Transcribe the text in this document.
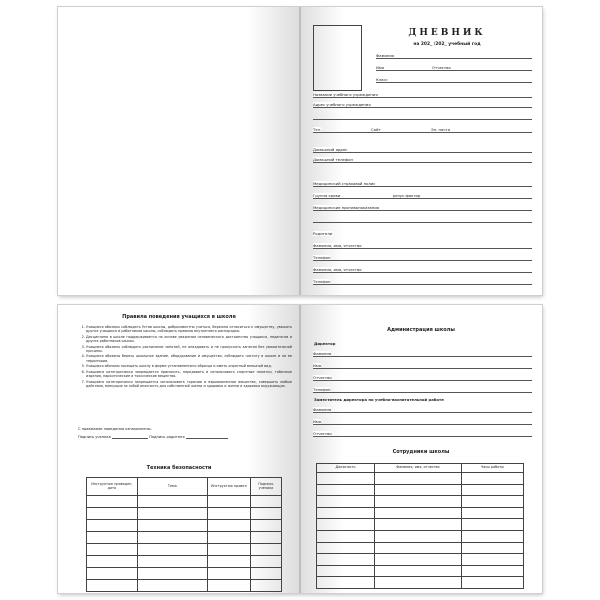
ДНЕВНИК
на 202_ /202_ учебный год
Фамилия
Имя	Отчество
Класс
Название учебного учреждения
Адрес учебного учреждения
Тел.	Сайт	Эл. почта
Домашний адрес
Домашний телефон
Медицинский страховой полис
Группа крови	резус-фактор
Медицинские противопоказания
Родители
Фамилия, имя, отчество
Телефон
Фамилия, имя, отчество
Телефон
Правила поведения учащихся в школе
1. Учащиеся обязаны соблюдать Устав школы, добросовестно учиться, бережно относиться к имуществу, уважать других учащихся и работников школы, соблюдать правила внутреннего распорядка.
2. Дисциплина в школе поддерживается на основе уважения человеческого достоинства учащихся, педагогов и других работников школы.
3. Учащиеся обязаны соблюдать расписание занятий, не опаздывать и не пропускать занятия без уважительной причины.
4. Учащиеся обязаны беречь школьное здание, оборудование и имущество, соблюдать чистоту в школе и на ее территории.
5. Учащиеся обязаны посещать школу в форме установленного образца и иметь опрятный внешний вид.
6. Учащимся категорически запрещается приносить, передавать и использовать спиртные напитки, табачные изделия, наркотические и токсические вещества.
7. Учащимся категорически запрещается использовать горючие и взрывоопасные вещества, совершать любые действия, влекущие за собой опасность для собственной жизни и здоровья и жизни и здоровья окружающих.
С правилами поведения ознакомлены.
Подпись ученика	Подпись родителя
Техника безопасности
Инструктаж проведен, дата	Тема	Инструктаж провел	Подпись ученика

Администрация школы
Директор
Фамилия
Имя
Отчество
Телефон
Заместитель директора по учебно-воспитательной работе
Фамилия
Имя
Отчество
Сотрудники школы
Должность	Фамилия, имя, отчество	Часы работы
